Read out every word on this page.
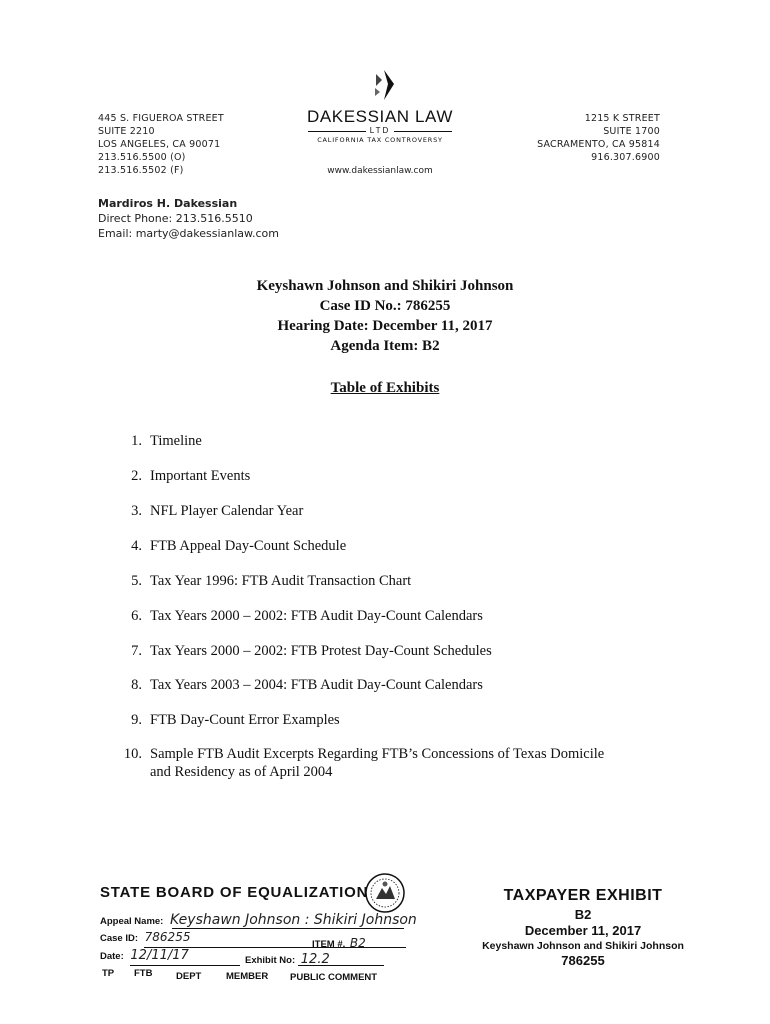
445 S. FIGUEROA STREET
SUITE 2210
LOS ANGELES, CA 90071
213.516.5500 (O)
213.516.5502 (F)
DAKESSIAN LAW
LTD
CALIFORNIA TAX CONTROVERSY
www.dakessianlaw.com
1215 K STREET
SUITE 1700
SACRAMENTO, CA 95814
916.307.6900
Mardiros H. Dakessian
Direct Phone: 213.516.5510
Email: marty@dakessianlaw.com
Keyshawn Johnson and Shikiri Johnson
Case ID No.: 786255
Hearing Date: December 11, 2017
Agenda Item: B2
Table of Exhibits
1. Timeline
2. Important Events
3. NFL Player Calendar Year
4. FTB Appeal Day-Count Schedule
5. Tax Year 1996: FTB Audit Transaction Chart
6. Tax Years 2000 – 2002: FTB Audit Day-Count Calendars
7. Tax Years 2000 – 2002: FTB Protest Day-Count Schedules
8. Tax Years 2003 – 2004: FTB Audit Day-Count Calendars
9. FTB Day-Count Error Examples
10. Sample FTB Audit Excerpts Regarding FTB’s Concessions of Texas Domicile and Residency as of April 2004
STATE BOARD OF EQUALIZATION
Appeal Name: Keyshawn Johnson : Shikiri Johnson
Case ID: 786255
ITEM #. B2
Date: 12/11/17	Exhibit No: 12.2
TP FTB DEPT	MEMBER PUBLIC COMMENT
TAXPAYER EXHIBIT
B2
December 11, 2017
Keyshawn Johnson and Shikiri Johnson
786255
